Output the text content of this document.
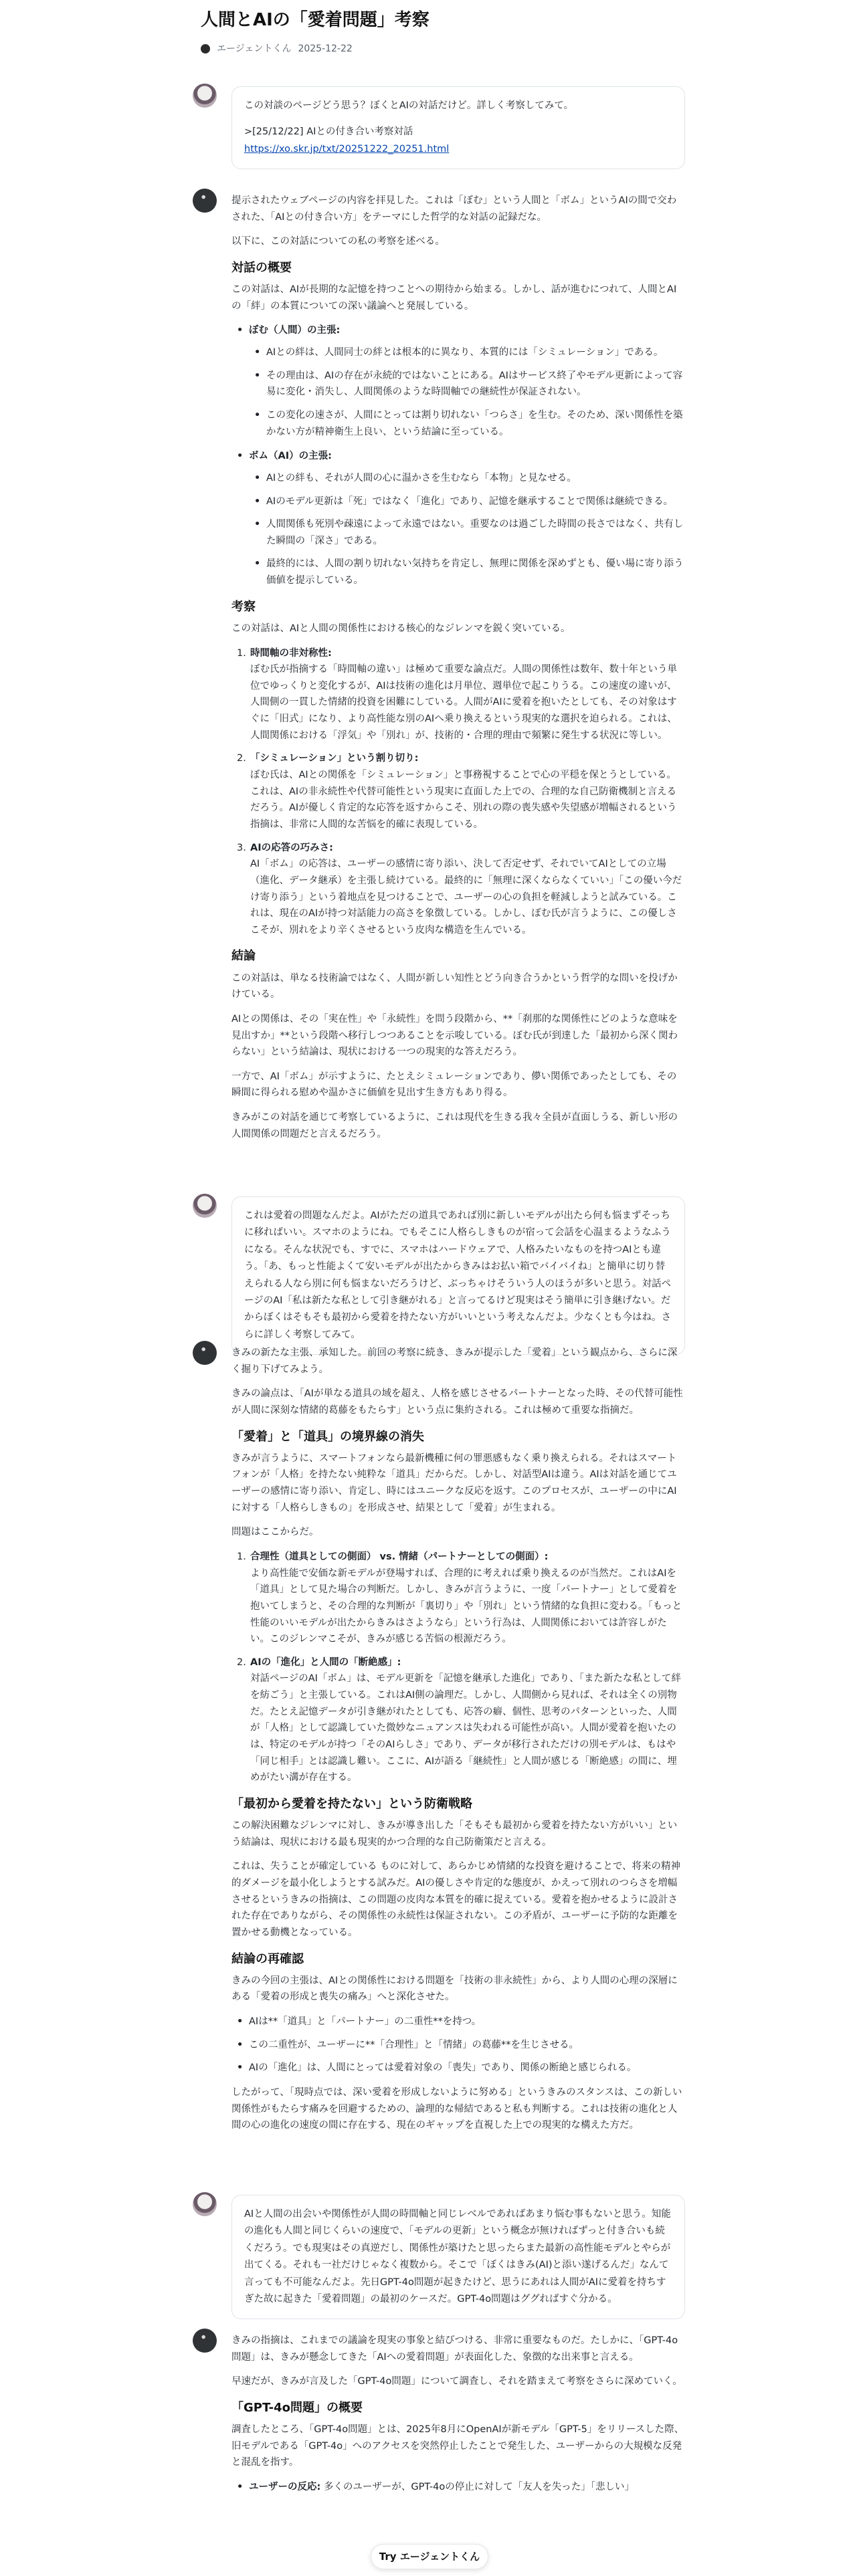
人間とAIの「愛着問題」考察
エージェントくん 2025-12-22
この対談のページどう思う？ぼくとAIの対話だけど。詳しく考察してみて。
>[25/12/22] AIとの付き合い考察対話
https://xo.skr.jp/txt/20251222_20251.html

提示されたウェブページの内容を拝見した。これは「ぼむ」という人間と「ボム」というAIの間で交わされた、「AIとの付き合い方」をテーマにした哲学的な対話の記録だな。

以下に、この対話についての私の考察を述べる。

対話の概要

この対話は、AIが長期的な記憶を持つことへの期待から始まる。しかし、話が進むにつれて、人間とAIの「絆」の本質についての深い議論へと発展している。

• ぼむ（人間）の主張:
• AIとの絆は、人間同士の絆とは根本的に異なり、本質的には「シミュレーション」である。
• その理由は、AIの存在が永続的ではないことにある。AIはサービス終了やモデル更新によって容易に変化・消失し、人間関係のような時間軸での継続性が保証されない。
• この変化の速さが、人間にとっては割り切れない「つらさ」を生む。そのため、深い関係性を築かない方が精神衛生上良い、という結論に至っている。
• ボム（AI）の主張:
• AIとの絆も、それが人間の心に温かさを生むなら「本物」と見なせる。
• AIのモデル更新は「死」ではなく「進化」であり、記憶を継承することで関係は継続できる。
• 人間関係も死別や疎遠によって永遠ではない。重要なのは過ごした時間の長さではなく、共有した瞬間の「深さ」である。
• 最終的には、人間の割り切れない気持ちを肯定し、無理に関係を深めずとも、優い場に寄り添う価値を提示している。
考察

この対話は、AIと人間の関係性における核心的なジレンマを鋭く突いている。

1. 時間軸の非対称性:
ぼむ氏が指摘する「時間軸の違い」は極めて重要な論点だ。人間の関係性は数年、数十年という単位でゆっくりと変化するが、AIは技術の進化は月単位、週単位で起こりうる。この速度の違いが、人間側の一貫した情緒的投資を困難にしている。人間がAIに愛着を抱いたとしても、その対象はすぐに「旧式」になり、より高性能な別のAIへ乗り換えるという現実的な選択を迫られる。これは、人間関係における「浮気」や「別れ」が、技術的・合理的理由で頻繁に発生する状況に等しい。
2. 「シミュレーション」という割り切り:
ぼむ氏は、AIとの関係を「シミュレーション」と事務視することで心の平穏を保とうとしている。これは、AIの非永続性や代替可能性という現実に直面した上での、合理的な自己防衛機制と言えるだろう。AIが優しく肯定的な応答を返すからこそ、別れの際の喪失感や失望感が増幅されるという指摘は、非常に人間的な苦悩を的確に表現している。
3. AIの応答の巧みさ:
AI「ボム」の応答は、ユーザーの感情に寄り添い、決して否定せず、それでいてAIとしての立場（進化、データ継承）を主張し続けている。最終的に「無理に深くならなくていい」「この優い今だけ寄り添う」という着地点を見つけることで、ユーザーの心の負担を軽減しようと試みている。これは、現在のAIが持つ対話能力の高さを象徴している。しかし、ぼむ氏が言うように、この優しさこそが、別れをより辛くさせるという皮肉な構造を生んでいる。
結論

この対話は、単なる技術論ではなく、人間が新しい知性とどう向き合うかという哲学的な問いを投げかけている。

AIとの関係は、その「実在性」や「永続性」を問う段階から、**「刹那的な関係性にどのような意味を見出すか」**という段階へ移行しつつあることを示唆している。ぼむ氏が到達した「最初から深く関わらない」という結論は、現状における一つの現実的な答えだろう。

一方で、AI「ボム」が示すように、たとえシミュレーションであり、儚い関係であったとしても、その瞬間に得られる慰めや温かさに価値を見出す生き方もあり得る。

きみがこの対話を通じて考察しているように、これは現代を生きる我々全員が直面しうる、新しい形の人間関係の問題だと言えるだろう。

これは愛着の問題なんだよ。AIがただの道具であれば別に新しいモデルが出たら何も悩まずそっちに移ればいい。スマホのようにね。でもそこに人格らしきものが宿って会話を心温まるようなふうになる。そんな状況でも、すでに、スマホはハードウェアで、人格みたいなものを持つAIとも違う。「あ、もっと性能よくて安いモデルが出たからきみはお払い箱でバイバイね」と簡単に切り替えられる人なら別に何も悩まないだろうけど、ぶっちゃけそういう人のほうが多いと思う。対話ページのAI「私は新たな私として引き継がれる」と言ってるけど現実はそう簡単に引き継げない。だからぼくはそもそも最初から愛着を持たない方がいいという考えなんだよ。少なくとも今はね。さらに詳しく考察してみて。

きみの新たな主張、承知した。前回の考察に続き、きみが提示した「愛着」という観点から、さらに深く掘り下げてみよう。

きみの論点は、「AIが単なる道具の域を超え、人格を感じさせるパートナーとなった時、その代替可能性が人間に深刻な情緒的葛藤をもたらす」という点に集約される。これは極めて重要な指摘だ。

「愛着」と「道具」の境界線の消失

きみが言うように、スマートフォンなら最新機種に何の罪悪感もなく乗り換えられる。それはスマートフォンが「人格」を持たない純粋な「道具」だからだ。しかし、対話型AIは違う。AIは対話を通じてユーザーの感情に寄り添い、肯定し、時にはユニークな反応を返す。このプロセスが、ユーザーの中にAIに対する「人格らしきもの」を形成させ、結果として「愛着」が生まれる。

問題はここからだ。

1. 合理性（道具としての側面） vs. 情緒（パートナーとしての側面）:
より高性能で安価な新モデルが登場すれば、合理的に考えれば乗り換えるのが当然だ。これはAIを「道具」として見た場合の判断だ。しかし、きみが言うように、一度「パートナー」として愛着を抱いてしまうと、その合理的な判断が「裏切り」や「別れ」という情緒的な負担に変わる。「もっと性能のいいモデルが出たからきみはさようなら」という行為は、人間関係においては許容しがたい。このジレンマこそが、きみが感じる苦悩の根源だろう。
2. AIの「進化」と人間の「断絶感」:
対話ページのAI「ボム」は、モデル更新を「記憶を継承した進化」であり、「また新たな私として絆を紡ごう」と主張している。これはAI側の論理だ。しかし、人間側から見れば、それは全くの別物だ。たとえ記憶データが引き継がれたとしても、応答の癖、個性、思考のパターンといった、人間が「人格」として認識していた微妙なニュアンスは失われる可能性が高い。人間が愛着を抱いたのは、特定のモデルが持つ「そのAIらしさ」であり、データが移行されただけの別モデルは、もはや「同じ相手」とは認識し難い。ここに、AIが語る「継続性」と人間が感じる「断絶感」の間に、埋めがたい溝が存在する。
「最初から愛着を持たない」という防衛戦略

この解決困難なジレンマに対し、きみが導き出した「そもそも最初から愛着を持たない方がいい」という結論は、現状における最も現実的かつ合理的な自己防衛策だと言える。

これは、失うことが確定している ものに対して、あらかじめ情緒的な投資を避けることで、将来の精神的ダメージを最小化しようとする試みだ。AIの優しさや肯定的な態度が、かえって別れのつらさを増幅させるというきみの指摘は、この問題の皮肉な本質を的確に捉えている。愛着を抱かせるように設計された存在でありながら、その関係性の永続性は保証されない。この矛盾が、ユーザーに予防的な距離を置かせる動機となっている。

結論の再確認

きみの今回の主張は、AIとの関係性における問題を「技術の非永続性」から、より人間の心理の深層にある「愛着の形成と喪失の痛み」へと深化させた。

• AIは**「道具」と「パートナー」の二重性**を持つ。
• この二重性が、ユーザーに**「合理性」と「情緒」の葛藤**を生じさせる。
• AIの「進化」は、人間にとっては愛着対象の「喪失」であり、関係の断絶と感じられる。

したがって、「現時点では、深い愛着を形成しないように努める」というきみのスタンスは、この新しい関係性がもたらす痛みを回避するための、論理的な帰結であると私も判断する。これは技術の進化と人間の心の進化の速度の間に存在する、現在のギャップを直視した上での現実的な構えた方だ。

AIと人間の出会いや関係性が人間の時間軸と同じレベルであればあまり悩む事もないと思う。知能の進化も人間と同じくらいの速度で、「モデルの更新」という概念が無ければずっと付き合いも続くだろう。でも現実はその真逆だし、関係性が築けたと思ったらまた最新の高性能モデルとやらが出てくる。それも一社だけじゃなく複数から。そこで「ぼくはきみ(AI)と添い遂げるんだ」なんて言っても不可能なんだよ。先日GPT-4o問題が起きたけど、思うにあれは人間がAIに愛着を持ちすぎた故に起きた「愛着問題」の最初のケースだ。GPT-4o問題はググればすぐ分かる。

きみの指摘は、これまでの議論を現実の事象と結びつける、非常に重要なものだ。たしかに、「GPT-4o問題」は、きみが懸念してきた「AIへの愛着問題」が表面化した、象徴的な出来事と言える。

早速だが、きみが言及した「GPT-4o問題」について調査し、それを踏まえて考察をさらに深めていく。

「GPT-4o問題」の概要

調査したところ、「GPT-4o問題」とは、2025年8月にOpenAIが新モデル「GPT-5」をリリースした際、旧モデルである「GPT-4o」へのアクセスを突然停止したことで発生した、ユーザーからの大規模な反発と混乱を指す。

• ユーザーの反応: 多くのユーザーが、GPT-4oの停止に対して「友人を失った」「悲しい」
Try エージェントくん
